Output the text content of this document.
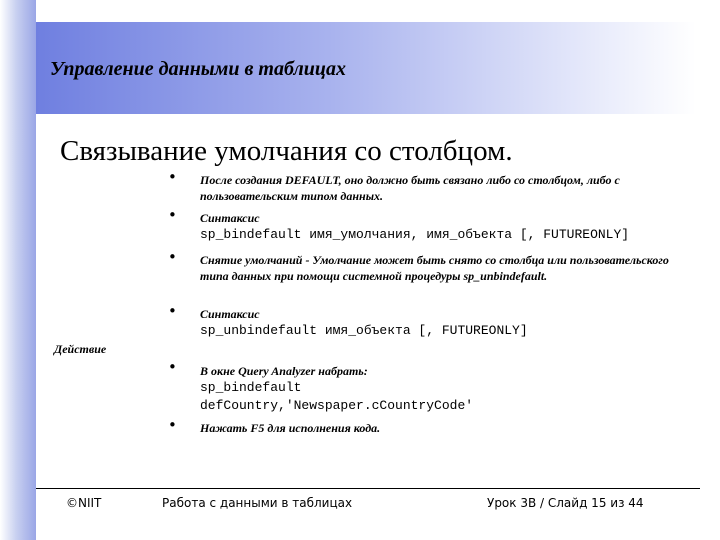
Управление данными в таблицах
Связывание умолчания со столбцом.
• После создания DEFAULT, оно должно быть связано либо со столбцом, либо с пользовательским типом данных.
• Синтаксис
sp_bindefault имя_умолчания, имя_объекта [, FUTUREONLY]
• Снятие умолчаний - Умолчание может быть снято со столбца или пользовательского типа данных при помощи системной процедуры sp_unbindefault.
• Синтаксис
sp_unbindefault имя_объекта [, FUTUREONLY]
Действие
• В окне Query Analyzer набрать:
sp_bindefault
defCountry,'Newspaper.cCountryCode'
• Нажать F5 для исполнения кода.
©NIIT	Работа с данными в таблицах	Урок 3B / Слайд 15 из 44
